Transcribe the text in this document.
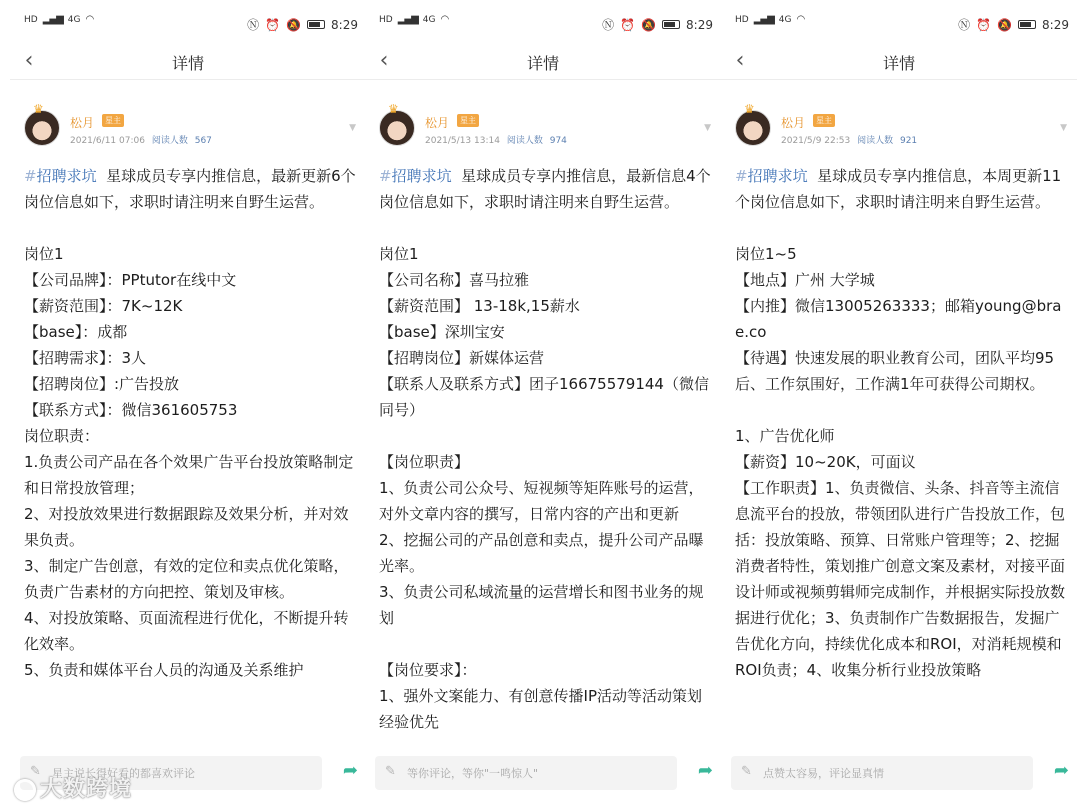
HD ▂▄▆ 4G ◠	Ⓝ ⏰ 🔕	8:29
‹	详情
♛
松月	星主
2021/6/11 07:06 阅读人数 567
▼
#招聘求坑  星球成员专享内推信息，最新更新6个岗位信息如下，求职时请注明来自野生运营。

岗位1
【公司品牌】：PPtutor在线中文
【薪资范围】：7K~12K
【base】：成都
【招聘需求】：3人
【招聘岗位】:广告投放
【联系方式】：微信361605753
岗位职责：
1.负责公司产品在各个效果广告平台投放策略制定和日常投放管理；
2、对投放效果进行数据跟踪及效果分析，并对效果负责。
3、制定广告创意，有效的定位和卖点优化策略，负责广告素材的方向把控、策划及审核。
4、对投放策略、页面流程进行优化，不断提升转化效率。
5、负责和媒体平台人员的沟通及关系维护
✎ 星主说长得好看的都喜欢评论	➦
HD ▂▄▆ 4G ◠	Ⓝ ⏰ 🔕	8:29
‹	详情
♛
松月	星主
2021/5/13 13:14 阅读人数 974
▼
#招聘求坑  星球成员专享内推信息，最新信息4个岗位信息如下，求职时请注明来自野生运营。

岗位1
【公司名称】喜马拉雅
【薪资范围】 13-18k,15薪水
【base】深圳宝安
【招聘岗位】新媒体运营
【联系人及联系方式】团子16675579144（微信同号）

【岗位职责】
1、负责公司公众号、短视频等矩阵账号的运营，对外文章内容的撰写，日常内容的产出和更新
2、挖掘公司的产品创意和卖点，提升公司产品曝光率。
3、负责公司私域流量的运营增长和图书业务的规划

【岗位要求】：
1、强外文案能力、有创意传播IP活动等活动策划经验优先
✎ 等你评论，等你"一鸣惊人"	➦
HD ▂▄▆ 4G ◠	Ⓝ ⏰ 🔕	8:29
‹	详情
♛
松月	星主
2021/5/9 22:53 阅读人数 921
▼
#招聘求坑  星球成员专享内推信息，本周更新11个岗位信息如下，求职时请注明来自野生运营。

岗位1~5
【地点】广州 大学城
【内推】微信13005263333；邮箱young@brae.co
【待遇】快速发展的职业教育公司，团队平均95后、工作氛围好，工作满1年可获得公司期权。

1、广告优化师
【薪资】10~20K，可面议
【工作职责】1、负责微信、头条、抖音等主流信息流平台的投放，带领团队进行广告投放工作，包括：投放策略、预算、日常账户管理等；2、挖掘消费者特性，策划推广创意文案及素材，对接平面设计师或视频剪辑师完成制作，并根据实际投放数据进行优化；3、负责制作广告数据报告，发掘广告优化方向，持续优化成本和ROI，对消耗规模和ROI负责；4、收集分析行业投放策略
✎ 点赞太容易，评论显真情	➦
大数跨境
